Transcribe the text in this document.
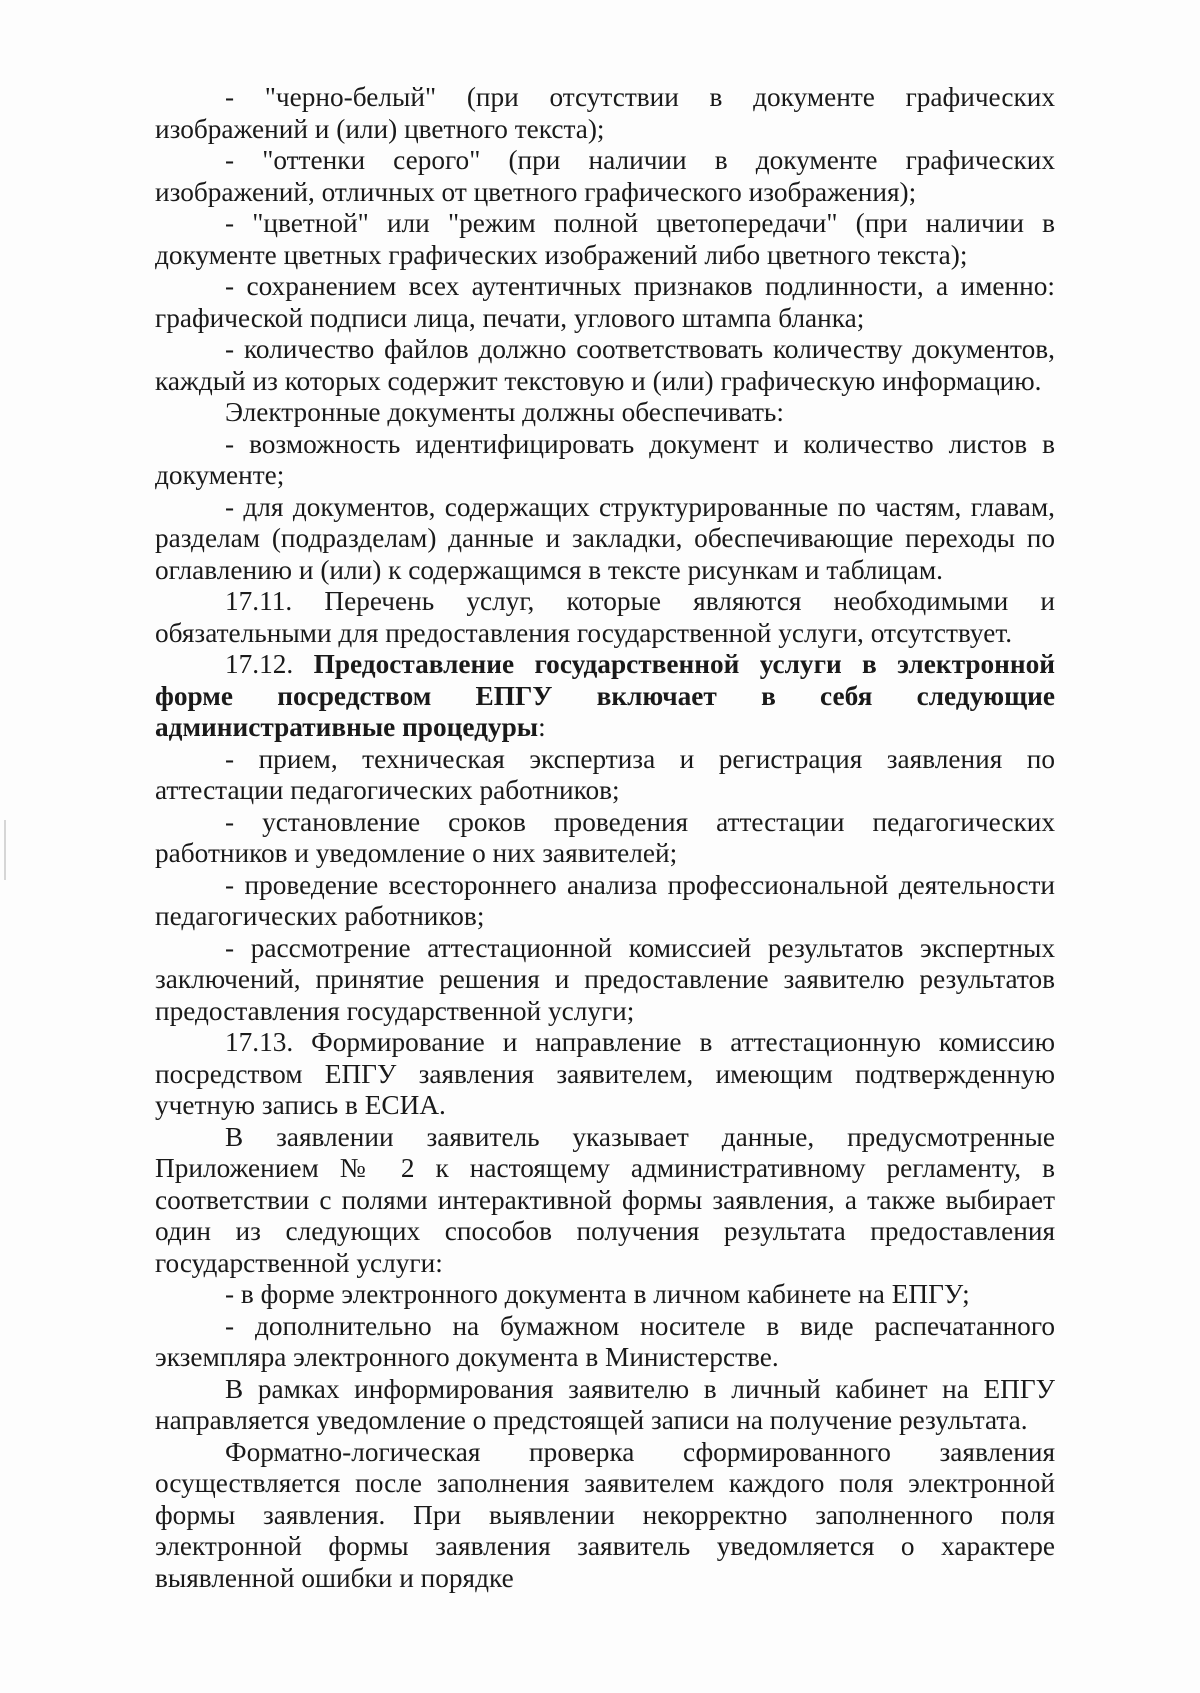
- "черно-белый" (при отсутствии в документе графических изображений и (или) цветного текста);

- "оттенки серого" (при наличии в документе графических изображений, отличных от цветного графического изображения);

- "цветной" или "режим полной цветопередачи" (при наличии в документе цветных графических изображений либо цветного текста);

- сохранением всех аутентичных признаков подлинности, а именно: графической подписи лица, печати, углового штампа бланка;

- количество файлов должно соответствовать количеству документов, каждый из которых содержит текстовую и (или) графическую информацию.

Электронные документы должны обеспечивать:

- возможность идентифицировать документ и количество листов в документе;

- для документов, содержащих структурированные по частям, главам, разделам (подразделам) данные и закладки, обеспечивающие переходы по оглавлению и (или) к содержащимся в тексте рисункам и таблицам.

17.11. Перечень услуг, которые являются необходимыми и обязательными для предоставления государственной услуги, отсутствует.

17.12. Предоставление государственной услуги в электронной форме посредством ЕПГУ включает в себя следующие административные процедуры:

- прием, техническая экспертиза и регистрация заявления по аттестации педагогических работников;

- установление сроков проведения аттестации педагогических работников и уведомление о них заявителей;

- проведение всестороннего анализа профессиональной деятельности педагогических работников;

- рассмотрение аттестационной комиссией результатов экспертных заключений, принятие решения и предоставление заявителю результатов предоставления государственной услуги;

17.13. Формирование и направление в аттестационную комиссию посредством ЕПГУ заявления заявителем, имеющим подтвержденную учетную запись в ЕСИА.

В заявлении заявитель указывает данные, предусмотренные Приложением № 2 к настоящему административному регламенту, в соответствии с полями интерактивной формы заявления, а также выбирает один из следующих способов получения результата предоставления государственной услуги:

- в форме электронного документа в личном кабинете на ЕПГУ;

- дополнительно на бумажном носителе в виде распечатанного экземпляра электронного документа в Министерстве.

В рамках информирования заявителю в личный кабинет на ЕПГУ направляется уведомление о предстоящей записи на получение результата.

Форматно-логическая проверка сформированного заявления осуществляется после заполнения заявителем каждого поля электронной формы заявления. При выявлении некорректно заполненного поля электронной формы заявления заявитель уведомляется о характере выявленной ошибки и порядке
